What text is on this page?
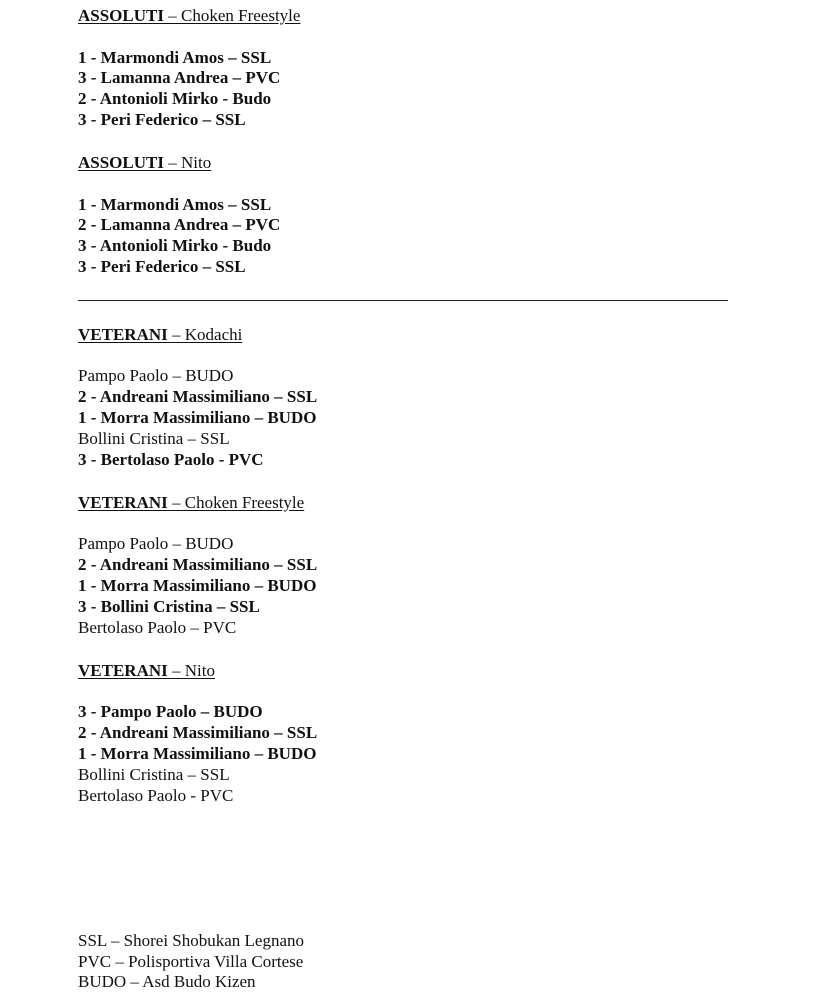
ASSOLUTI – Choken Freestyle
1 - Marmondi Amos – SSL
3 - Lamanna Andrea – PVC
2 - Antonioli Mirko - Budo
3 - Peri Federico – SSL
ASSOLUTI – Nito
1 - Marmondi Amos – SSL
2 - Lamanna Andrea – PVC
3 - Antonioli Mirko - Budo
3 - Peri Federico – SSL
VETERANI – Kodachi
Pampo Paolo – BUDO
2 - Andreani Massimiliano – SSL
1 - Morra Massimiliano – BUDO
Bollini Cristina – SSL
3 - Bertolaso Paolo - PVC
VETERANI – Choken Freestyle
Pampo Paolo – BUDO
2 - Andreani Massimiliano – SSL
1 - Morra Massimiliano – BUDO
3 - Bollini Cristina – SSL
Bertolaso Paolo – PVC
VETERANI – Nito
3 - Pampo Paolo – BUDO
2 - Andreani Massimiliano – SSL
1 - Morra Massimiliano – BUDO
Bollini Cristina – SSL
Bertolaso Paolo - PVC
SSL – Shorei Shobukan Legnano
PVC – Polisportiva Villa Cortese
BUDO – Asd Budo Kizen
